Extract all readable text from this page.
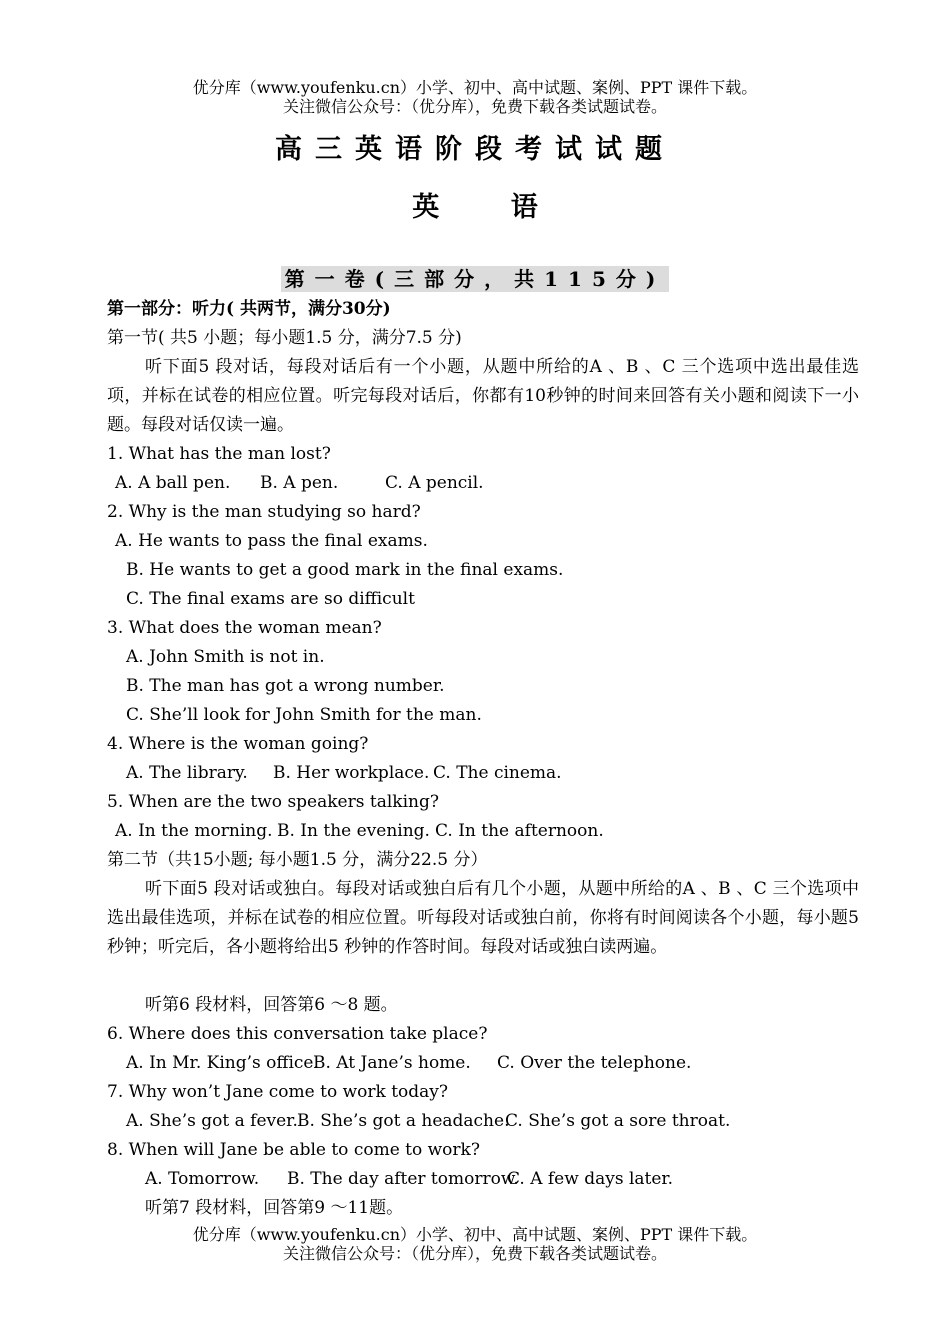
优分库（www.youfenku.cn）小学、初中、高中试题、案例、PPT 课件下载。
关注微信公众号：（优分库），免费下载各类试题试卷。
高三英语阶段考试试题
英 语
第一卷(三部分，共115分)
第一部分：听力( 共两节，满分30分)
第一节( 共5 小题；每小题1.5 分，满分7.5 分)
听下面5 段对话，每段对话后有一个小题，从题中所给的A 、B 、C 三个选项中选出最佳选项，并标在试卷的相应位置。听完每段对话后，你都有10秒钟的时间来回答有关小题和阅读下一小题。每段对话仅读一遍。
1. What has the man lost?
A. A ball pen. B. A pen.	C. A pencil.
2. Why is the man studying so hard?
A. He wants to pass the final exams.
B. He wants to get a good mark in the final exams.
C. The final exams are so difficult
3. What does the woman mean?
A. John Smith is not in.
B. The man has got a wrong number.
C. She’ll look for John Smith for the man.
4. Where is the woman going?
A. The library. B. Her workplace. C. The cinema.
5. When are the two speakers talking?
A. In the morning. B. In the evening. C. In the afternoon.
第二节（共15小题; 每小题1.5 分，满分22.5 分）
听下面5 段对话或独白。每段对话或独白后有几个小题，从题中所给的A 、B 、C 三个选项中选出最佳选项，并标在试卷的相应位置。听每段对话或独白前，你将有时间阅读各个小题，每小题5 秒钟；听完后，各小题将给出5 秒钟的作答时间。每段对话或独白读两遍。
听第6 段材料，回答第6 ～8 题。
6. Where does this conversation take place?
A. In Mr. King’s office.B. At Jane’s home. C. Over the telephone.
7. Why won’t Jane come to work today?
A. She’s got a fever.B. She’s got a headache.C. She’s got a sore throat.
8. When will Jane be able to come to work?
A. Tomorrow. B. The day after tomorrow.C. A few days later.
听第7 段材料，回答第9 ～11题。
优分库（www.youfenku.cn）小学、初中、高中试题、案例、PPT 课件下载。
关注微信公众号：（优分库），免费下载各类试题试卷。
